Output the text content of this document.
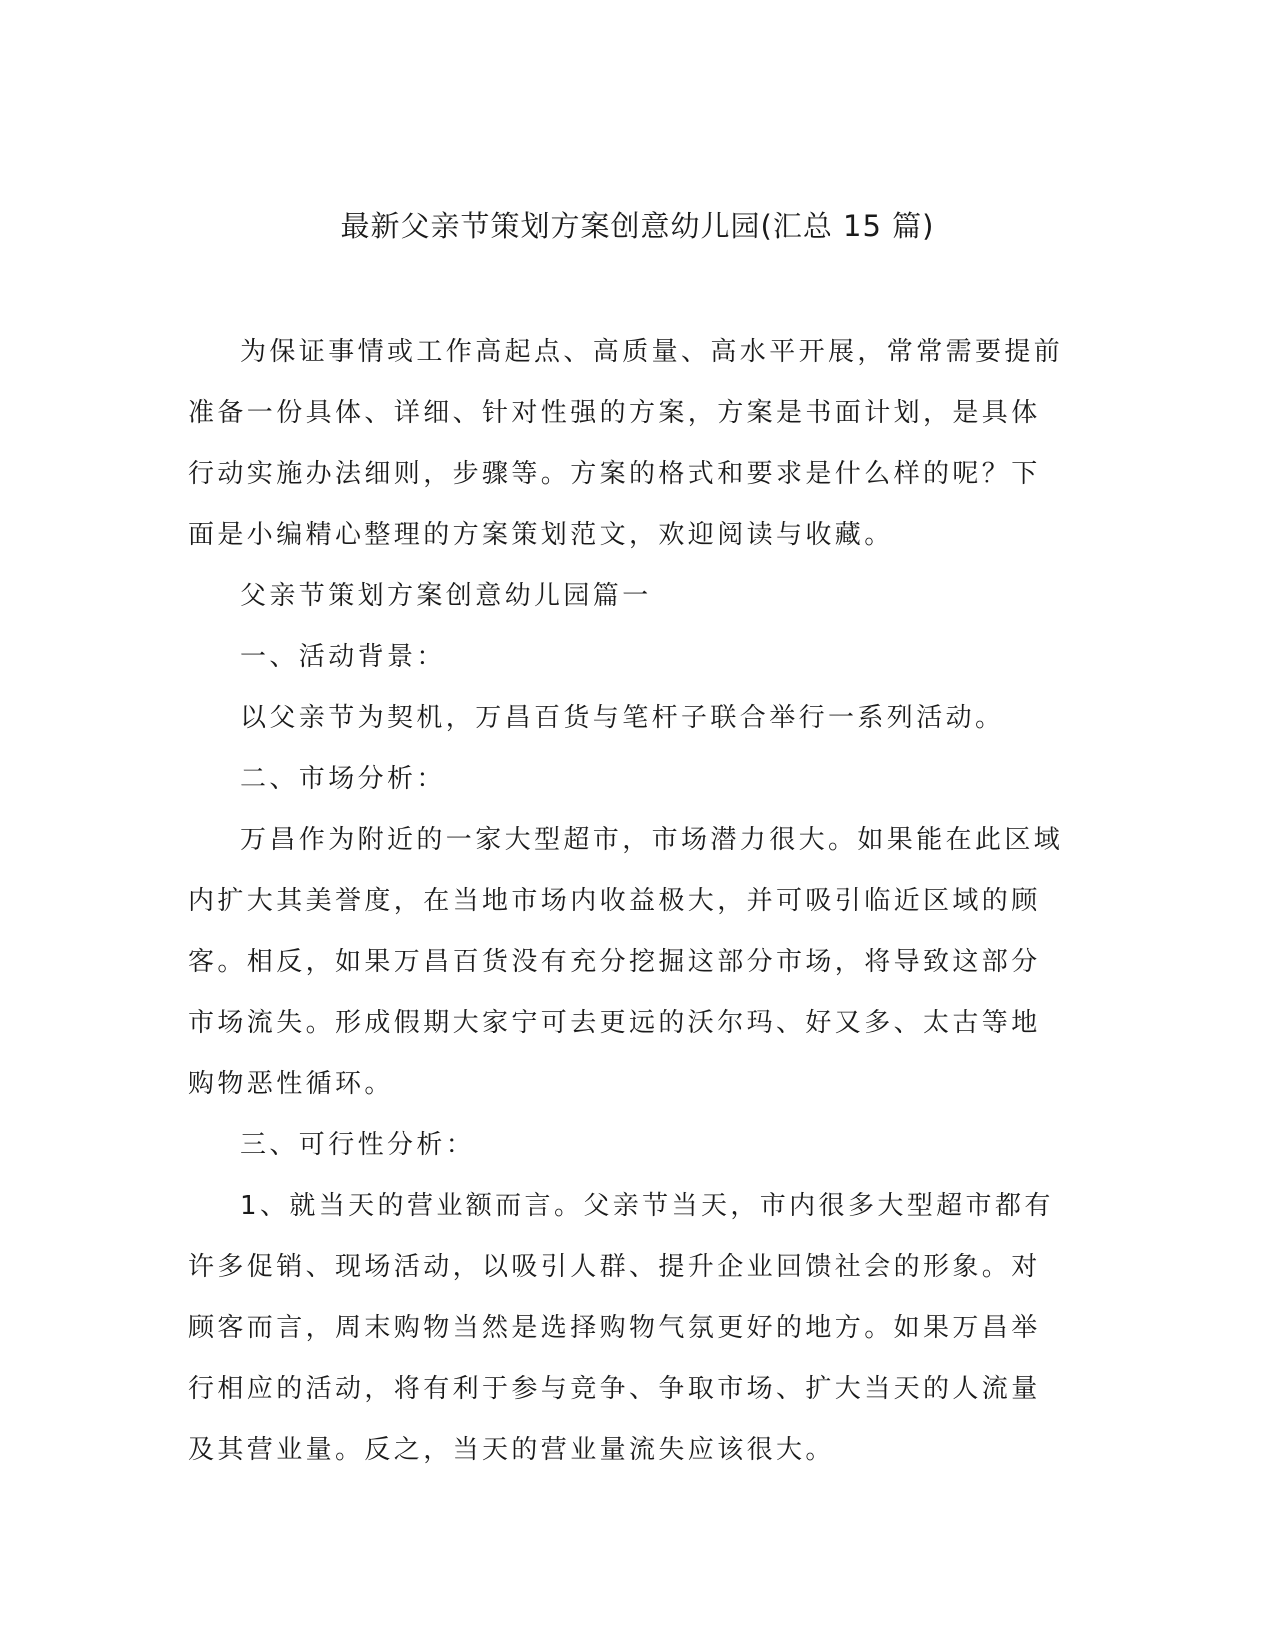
最新父亲节策划方案创意幼儿园(汇总 15 篇)

为保证事情或工作高起点、高质量、高水平开展，常常需要提前准备一份具体、详细、针对性强的方案，方案是书面计划，是具体行动实施办法细则，步骤等。方案的格式和要求是什么样的呢？下面是小编精心整理的方案策划范文，欢迎阅读与收藏。

父亲节策划方案创意幼儿园篇一

一、活动背景：

以父亲节为契机，万昌百货与笔杆子联合举行一系列活动。

二、市场分析：

万昌作为附近的一家大型超市，市场潜力很大。如果能在此区域内扩大其美誉度，在当地市场内收益极大，并可吸引临近区域的顾客。相反，如果万昌百货没有充分挖掘这部分市场，将导致这部分市场流失。形成假期大家宁可去更远的沃尔玛、好又多、太古等地购物恶性循环。

三、可行性分析：

1、就当天的营业额而言。父亲节当天，市内很多大型超市都有许多促销、现场活动，以吸引人群、提升企业回馈社会的形象。对顾客而言，周末购物当然是选择购物气氛更好的地方。如果万昌举行相应的活动，将有利于参与竞争、争取市场、扩大当天的人流量及其营业量。反之，当天的营业量流失应该很大。
